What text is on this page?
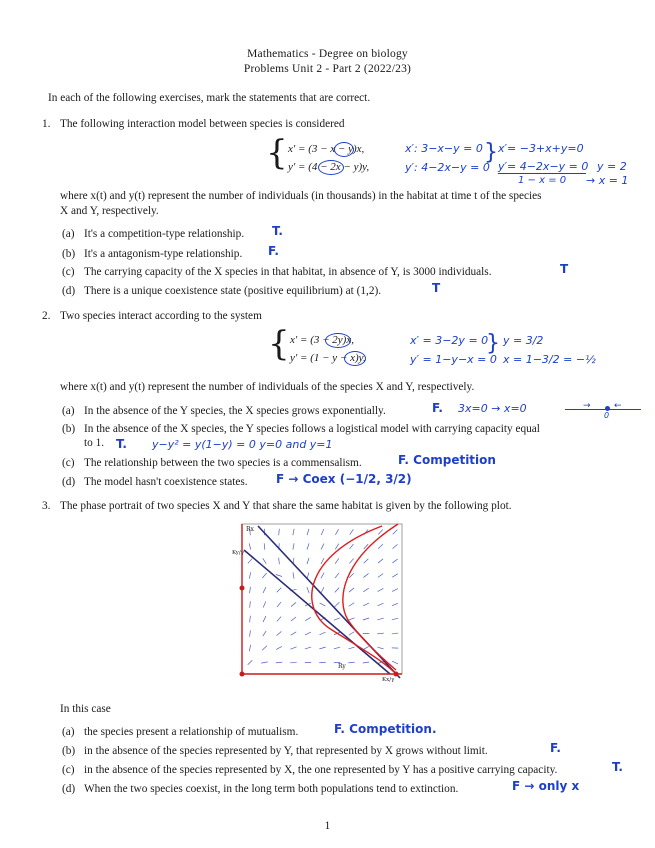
Mathematics - Degree on biology
Problems Unit 2 - Part 2 (2022/23)
In each of the following exercises, mark the statements that are correct.
1. The following interaction model between species is considered
{ x′ = (3 − x − y)x,
y′ = (4 − 2x − y)y,
x′: 3−x−y = 0
y′: 4−2x−y = 0
} x′= −3+x+y=0
y′= 4−2x−y = 0
1 − x = 0
y = 2
→ x = 1
where x(t) and y(t) represent the number of individuals (in thousands) in the habitat at time t of the species
X and Y, respectively.
(a) It's a competition-type relationship. T.
(b) It's a antagonism-type relationship. F.
(c) The carrying capacity of the X species in that habitat, in absence of Y, is 3000 individuals.	T
(d) There is a unique coexistence state (positive equilibrium) at (1,2).	T
2. Two species interact according to the system
{ x′ = (3 − 2y)x,
y′ = (1 − y − x)y,
x′ = 3−2y = 0
y′ = 1−y−x = 0
} y = 3/2
x = 1−3/2 = −½
where x(t) and y(t) represent the number of individuals of the species X and Y, respectively.
(a) In the absence of the Y species, the X species grows exponentially.	F. 3x=0 → x=0	→	←
0
(b) In the absence of the X species, the Y species follows a logistical model with carrying capacity equal
to 1. T. y−y² = y(1−y) = 0 y=0 and y=1
(c) The relationship between the two species is a commensalism.	F. Competition
(d) The model hasn't coexistence states. F → Coex (−1/2, 3/2)
3. The phase portrait of two species X and Y that share the same habitat is given by the following plot.
Rx
Ky/γ
Ry
Kx/γ
In this case
(a) the species present a relationship of mutualism.	F. Competition.
(b) in the absence of the species represented by Y, that represented by X grows without limit.	F.
(c) in the absence of the species represented by X, the one represented by Y has a positive carrying capacity.	T.
(d) When the two species coexist, in the long term both populations tend to extinction.	F → only x
1
